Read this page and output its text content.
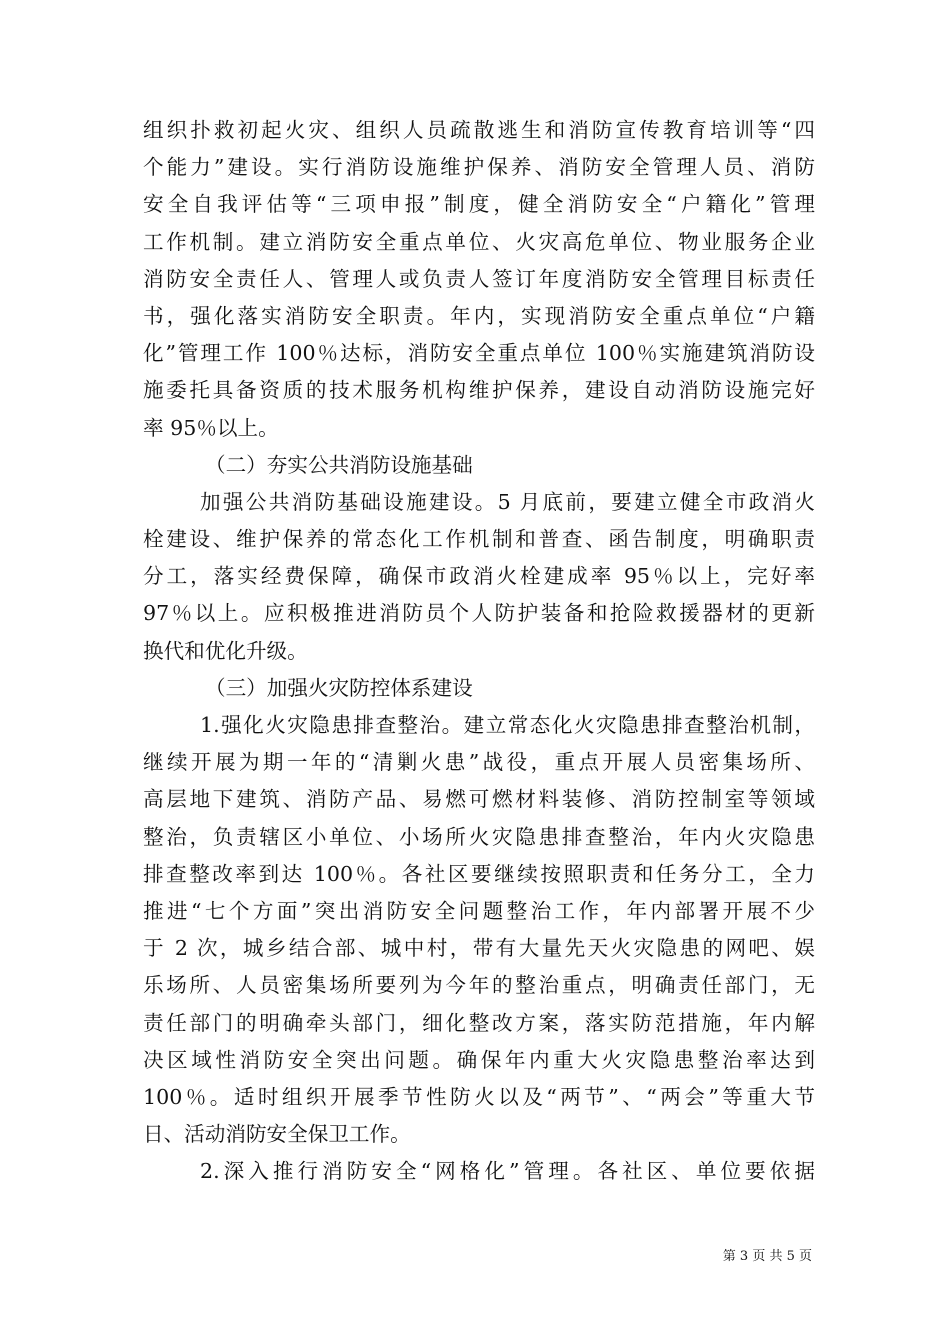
组织扑救初起火灾、组织人员疏散逃生和消防宣传教育培训等“四
个能力”建设。实行消防设施维护保养、消防安全管理人员、消防
安全自我评估等“三项申报”制度，健全消防安全“户籍化”管理
工作机制。建立消防安全重点单位、火灾高危单位、物业服务企业
消防安全责任人、管理人或负责人签订年度消防安全管理目标责任
书，强化落实消防安全职责。年内，实现消防安全重点单位“户籍
化”管理工作 100％达标，消防安全重点单位 100％实施建筑消防设
施委托具备资质的技术服务机构维护保养，建设自动消防设施完好
率 95％以上。
（二）夯实公共消防设施基础
加强公共消防基础设施建设。5 月底前，要建立健全市政消火
栓建设、维护保养的常态化工作机制和普查、函告制度，明确职责
分工，落实经费保障，确保市政消火栓建成率 95％以上，完好率
97％以上。应积极推进消防员个人防护装备和抢险救援器材的更新
换代和优化升级。
（三）加强火灾防控体系建设
1.强化火灾隐患排查整治。建立常态化火灾隐患排查整治机制，
继续开展为期一年的“清剿火患”战役，重点开展人员密集场所、
高层地下建筑、消防产品、易燃可燃材料装修、消防控制室等领域
整治，负责辖区小单位、小场所火灾隐患排查整治，年内火灾隐患
排查整改率到达 100％。各社区要继续按照职责和任务分工，全力
推进“七个方面”突出消防安全问题整治工作，年内部署开展不少
于 2 次，城乡结合部、城中村，带有大量先天火灾隐患的网吧、娱
乐场所、人员密集场所要列为今年的整治重点，明确责任部门，无
责任部门的明确牵头部门，细化整改方案，落实防范措施，年内解
决区域性消防安全突出问题。确保年内重大火灾隐患整治率达到
100％。适时组织开展季节性防火以及“两节”、“两会”等重大节
日、活动消防安全保卫工作。
2.深入推行消防安全“网格化”管理。各社区、单位要依据
第 3 页 共 5 页
